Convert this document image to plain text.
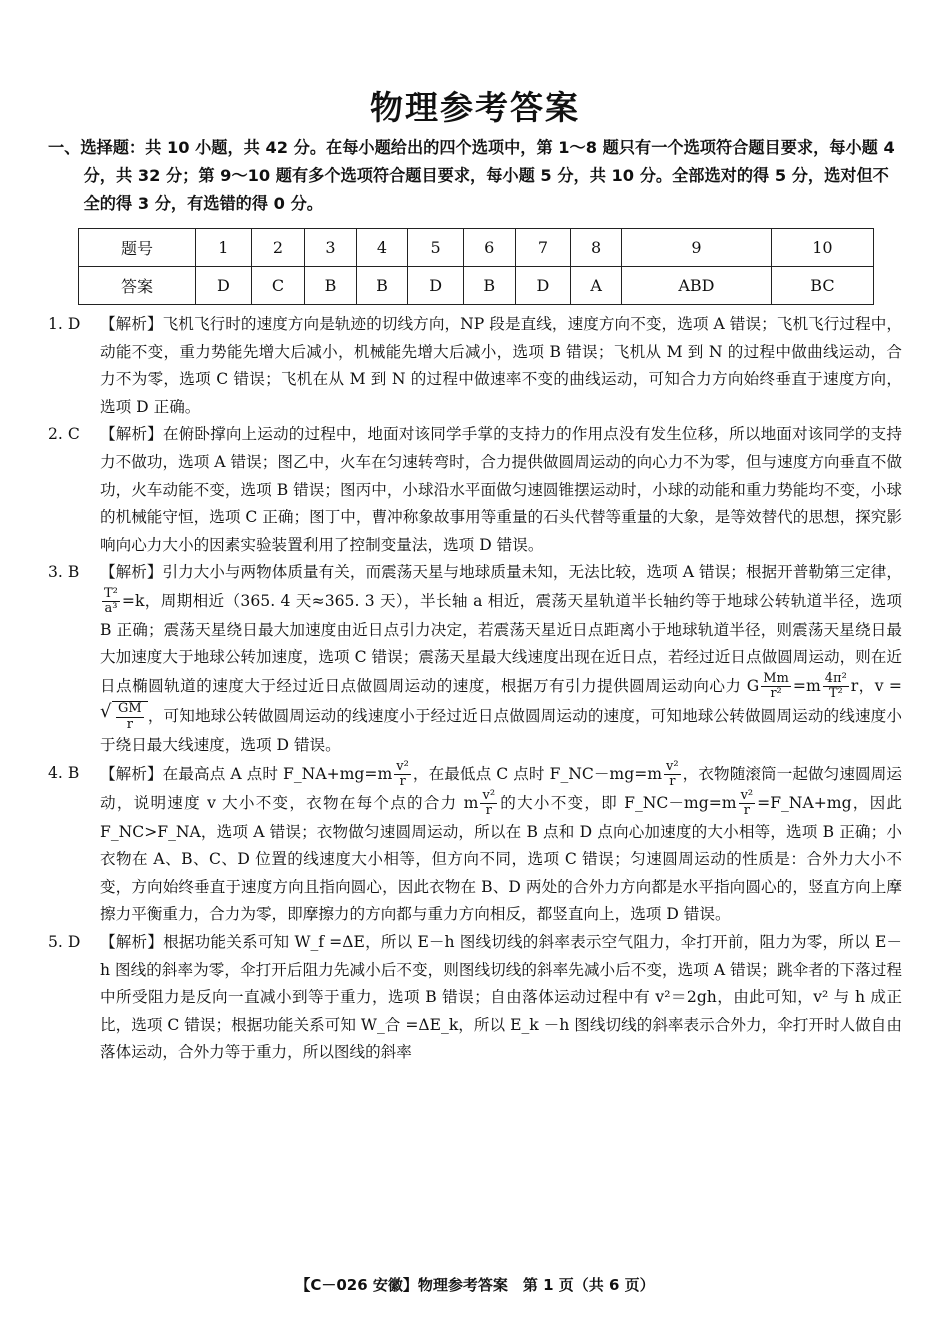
物理参考答案
一、选择题：共 10 小题，共 42 分。在每小题给出的四个选项中，第 1～8 题只有一个选项符合题目要求，每小题 4 分，共 32 分；第 9～10 题有多个选项符合题目要求，每小题 5 分，共 10 分。全部选对的得 5 分，选对但不全的得 3 分，有选错的得 0 分。
题号	1	2	3	4	5	6	7	8	9	10
答案	D	C	B	B	D	B	D	A	ABD	BC
1. D 【解析】飞机飞行时的速度方向是轨迹的切线方向，NP 段是直线，速度方向不变，选项 A 错误；飞机飞行过程中，动能不变，重力势能先增大后减小，机械能先增大后减小，选项 B 错误；飞机从 M 到 N 的过程中做曲线运动，合力不为零，选项 C 错误；飞机在从 M 到 N 的过程中做速率不变的曲线运动，可知合力方向始终垂直于速度方向，选项 D 正确。
2. C 【解析】在俯卧撑向上运动的过程中，地面对该同学手掌的支持力的作用点没有发生位移，所以地面对该同学的支持力不做功，选项 A 错误；图乙中，火车在匀速转弯时，合力提供做圆周运动的向心力不为零，但与速度方向垂直不做功，火车动能不变，选项 B 错误；图丙中，小球沿水平面做匀速圆锥摆运动时，小球的动能和重力势能均不变，小球的机械能守恒，选项 C 正确；图丁中，曹冲称象故事用等重量的石头代替等重量的大象，是等效替代的思想，探究影响向心力大小的因素实验装置利用了控制变量法，选项 D 错误。
3. B 【解析】引力大小与两物体质量有关，而震荡天星与地球质量未知，无法比较，选项 A 错误；根据开普勒第三定律，
$\frac{\text{T²}}{\text{a³}} =k$，周期相近（365. 4 天≈365. 3 天），半长轴 a 相近，震荡天星轨道半长轴约等于地球公转轨道半径，选项 B 正确；震荡天星绕日最大加速度由近日点引力决定，若震荡天星近日点距离小于地球轨道半径，则震荡天星绕日最大加速度大于地球公转加速度，选项 C 错误；震荡天星最大线速度出现在近日点，若经过近日点做圆周运动，则在近日点椭圆轨道的速度大于经过近日点做圆周运动的速度，根据万有引力提供圆周运动向心力 G $\frac{Mm}{\text{r²}} =m \frac{\text{4π²}}{\text{T²}}$ r，v =
√ $\frac{GM}{r}$ ，可知地球公转做圆周运动的线速度小于经过近日点做圆周运动的速度，可知地球公转做圆周运动的线速度小于绕日最大线速度，选项 D 错误。
4. B 【解析】在最高点 A 点时 F_NA+mg=m $\frac{\text{v²}}{r}$ ，在最低点 C 点时 F_NC－mg=m $\frac{\text{v²}}{r}$ ，衣物随滚筒一起做匀速圆周运动，说明速度 v 大小不变，衣物在每个点的合力 m $\frac{\text{v²}}{r}$ 的大小不变，即 F_NC－mg=m $\frac{\text{v²}}{r}$ =F_NA+mg，因此 F_NC>F_NA，选项 A 错误；衣物做匀速圆周运动，所以在 B 点和 D 点向心加速度的大小相等，选项 B 正确；小衣物在 A、B、C、D 位置的线速度大小相等，但方向不同，选项 C 错误；匀速圆周运动的性质是：合外力大小不变，方向始终垂直于速度方向且指向圆心，因此衣物在 B、D 两处的合外力方向都是水平指向圆心的，竖直方向上摩擦力平衡重力，合力为零，即摩擦力的方向都与重力方向相反，都竖直向上，选项 D 错误。
5. D 【解析】根据功能关系可知 W_f =ΔE，所以 E－h 图线切线的斜率表示空气阻力，伞打开前，阻力为零，所以 E－h 图线的斜率为零，伞打开后阻力先减小后不变，则图线切线的斜率先减小后不变，选项 A 错误；跳伞者的下落过程中所受阻力是反向一直减小到等于重力，选项 B 错误；自由落体运动过程中有 v²＝2gh，由此可知，v² 与 h 成正比，选项 C 错误；根据功能关系可知 W_合 =ΔE_k，所以 E_k －h 图线切线的斜率表示合外力，伞打开时人做自由落体运动，合外力等于重力，所以图线的斜率
【C－026 安徽】物理参考答案　第 1 页（共 6 页）
